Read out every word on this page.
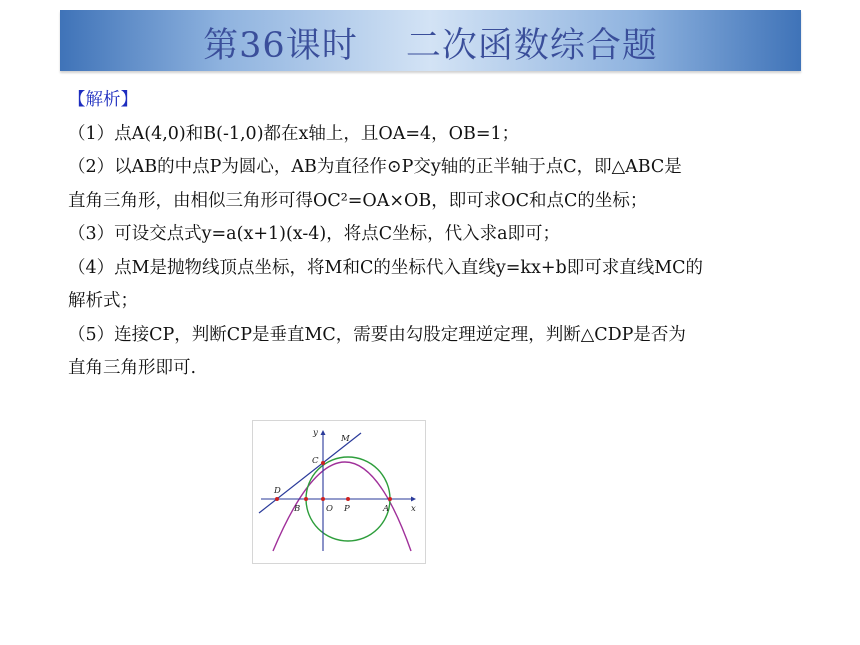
第36课时　 二次函数综合题
【解析】
（1）点A(4,0)和B(-1,0)都在x轴上，且OA=4，OB=1；
（2）以AB的中点P为圆心，AB为直径作⊙P交y轴的正半轴于点C，即△ABC是
直角三角形，由相似三角形可得OC²=OA×OB，即可求OC和点C的坐标；
（3）可设交点式y=a(x+1)(x-4)，将点C坐标，代入求a即可；
（4）点M是抛物线顶点坐标，将M和C的坐标代入直线y=kx+b即可求直线MC的
解析式；
（5）连接CP，判断CP是垂直MC，需要由勾股定理逆定理，判断△CDP是否为
直角三角形即可.
y
M
C
D
B	O P	A	x
